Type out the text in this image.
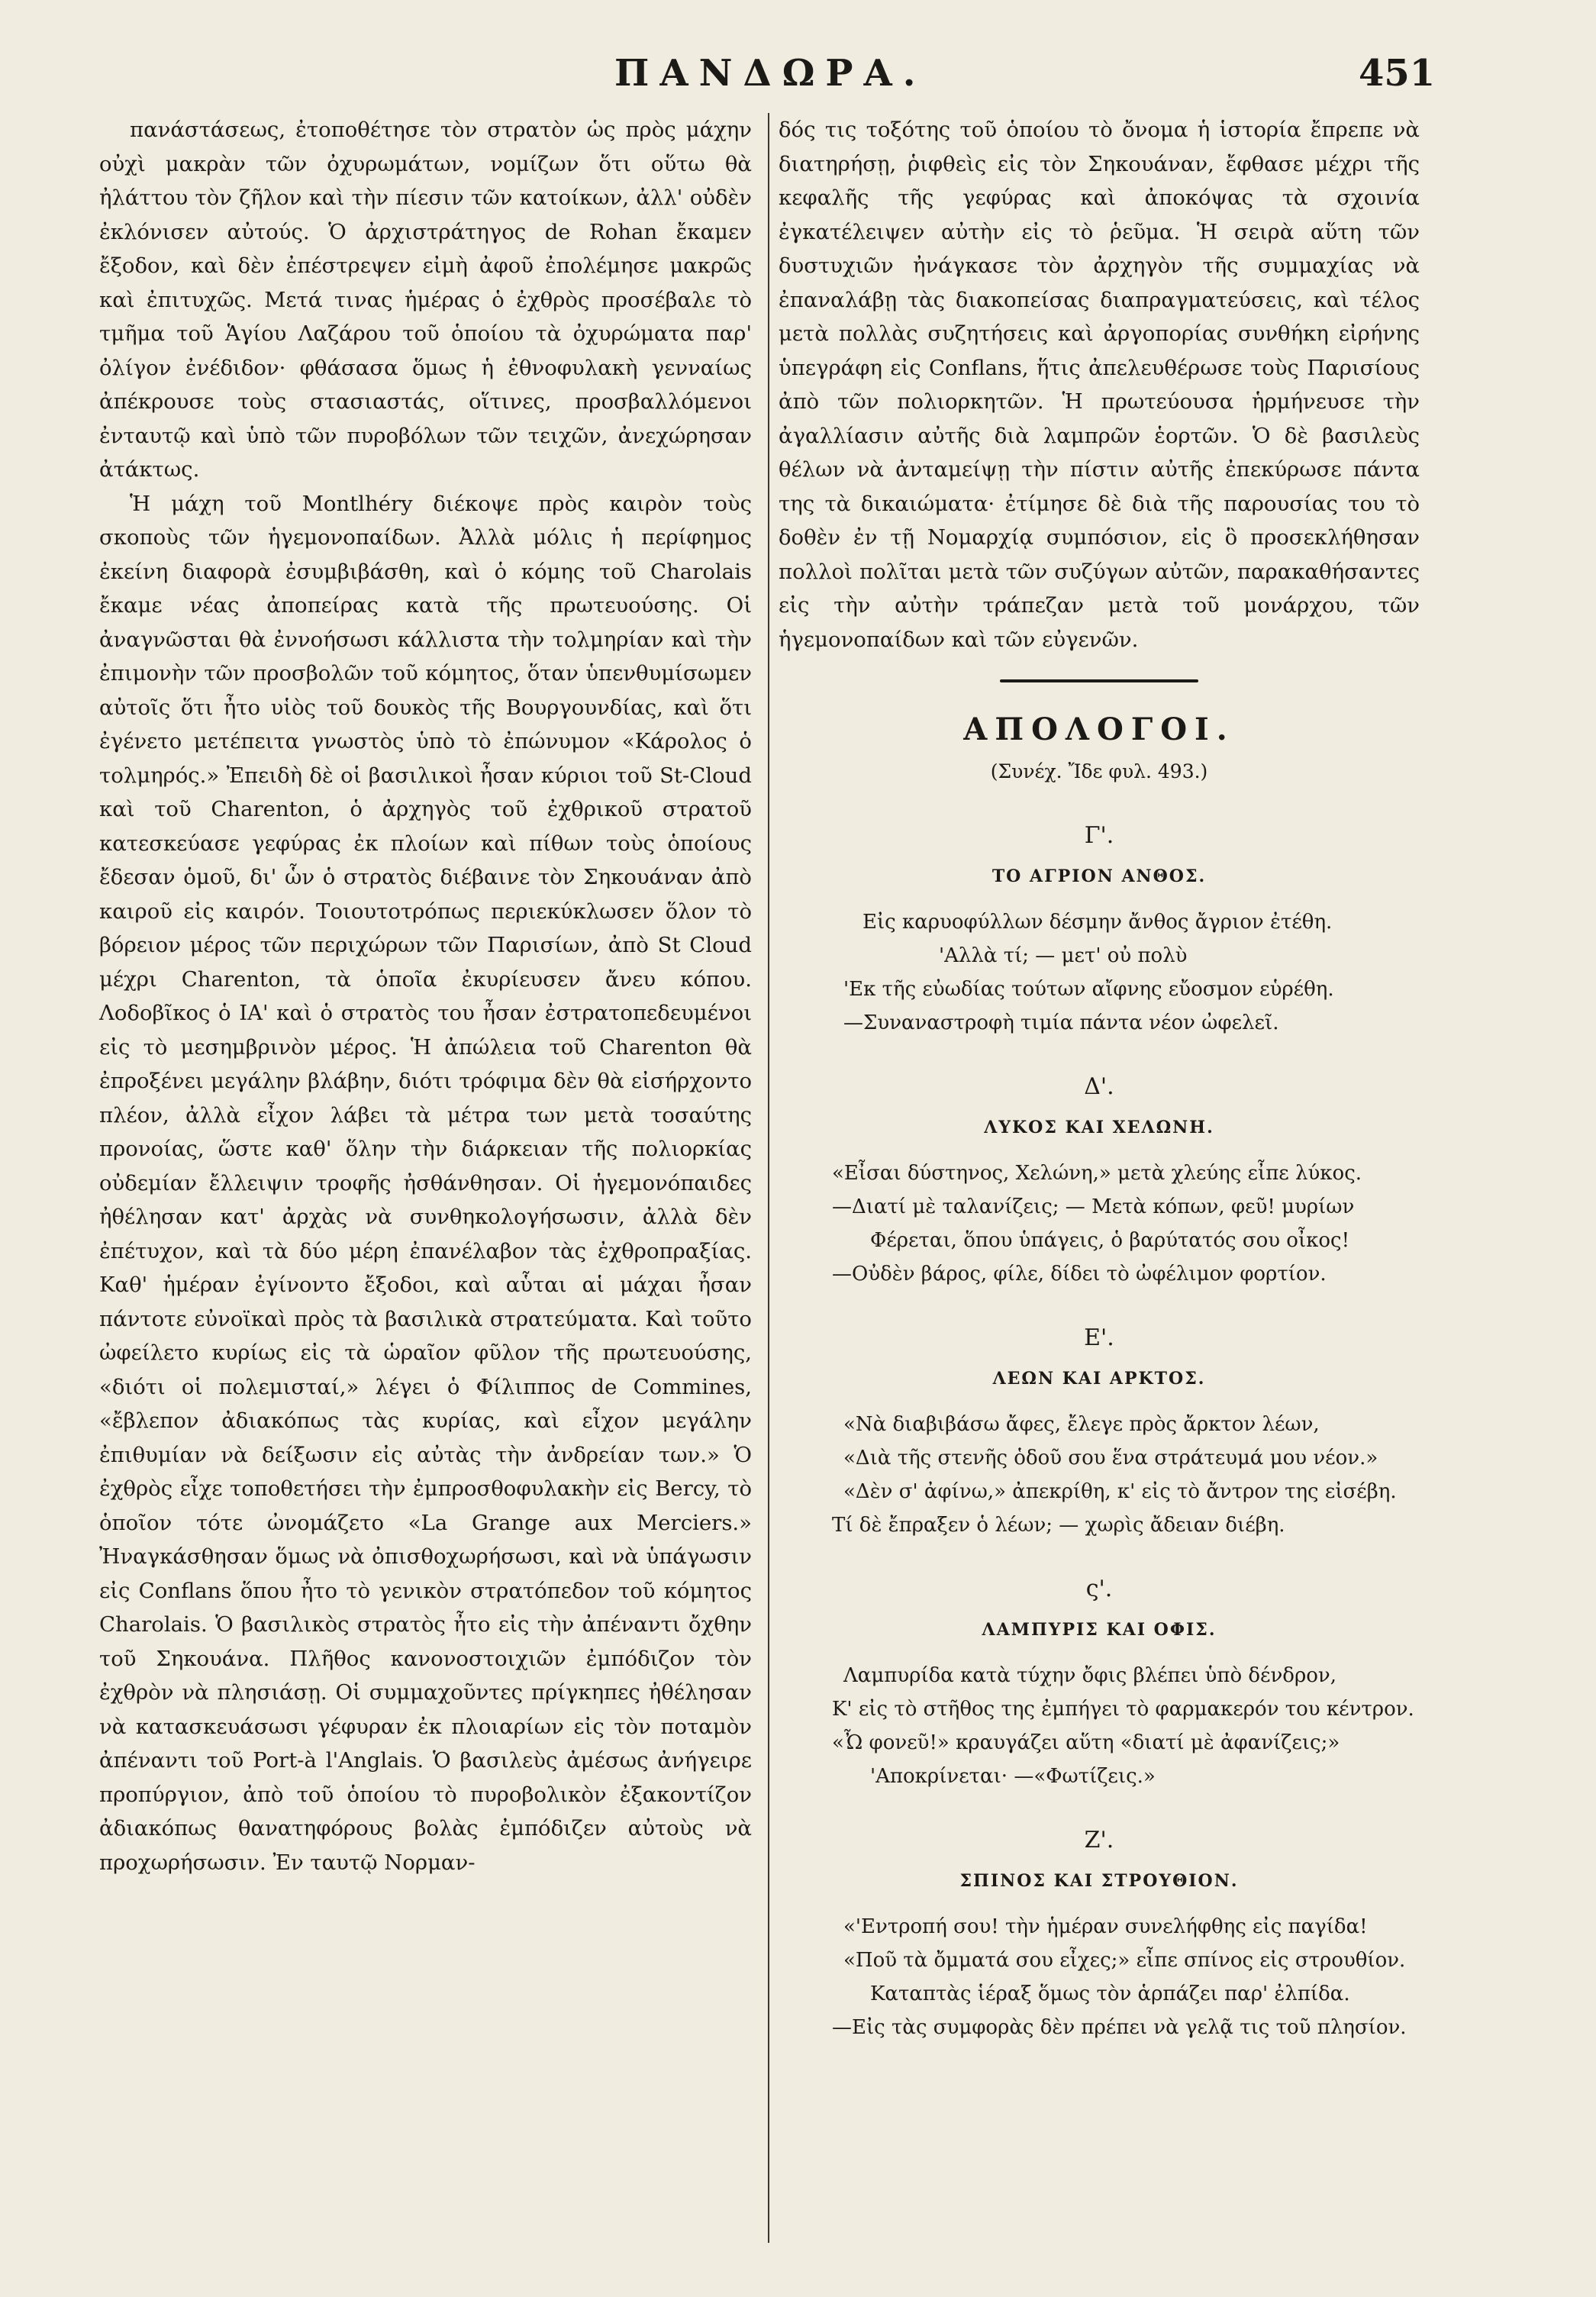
ΠΑΝΔΩΡΑ.	451

πανάστάσεως, ἐτοποθέτησε τὸν στρατὸν ὡς πρὸς μάχην οὐχὶ μακρὰν τῶν ὀχυρωμάτων, νομίζων ὅτι οὕτω θὰ ἠλάττου τὸν ζῆλον καὶ τὴν πίεσιν τῶν κατοίκων, ἀλλ' οὐδὲν ἐκλόνισεν αὐτούς. Ὁ ἀρχιστράτηγος de Rohan ἔκαμεν ἔξοδον, καὶ δὲν ἐπέστρεψεν εἰμὴ ἀφοῦ ἐπολέμησε μακρῶς καὶ ἐπιτυχῶς. Μετά τινας ἡμέρας ὁ ἐχθρὸς προσέβαλε τὸ τμῆμα τοῦ Ἁγίου Λαζάρου τοῦ ὁποίου τὰ ὀχυρώματα παρ' ὀλίγον ἐνέδιδον· φθάσασα ὅμως ἡ ἐθνοφυλακὴ γενναίως ἀπέκρουσε τοὺς στασιαστάς, οἵτινες, προσβαλλόμενοι ἐνταυτῷ καὶ ὑπὸ τῶν πυροβόλων τῶν τειχῶν, ἀνεχώρησαν ἀτάκτως.

Ἡ μάχη τοῦ Montlhéry διέκοψε πρὸς καιρὸν τοὺς σκοποὺς τῶν ἡγεμονοπαίδων. Ἀλλὰ μόλις ἡ περίφημος ἐκείνη διαφορὰ ἐσυμβιβάσθη, καὶ ὁ κόμης τοῦ Charolais ἔκαμε νέας ἀποπείρας κατὰ τῆς πρωτευούσης. Οἱ ἀναγνῶσται θὰ ἐννοήσωσι κάλλιστα τὴν τολμηρίαν καὶ τὴν ἐπιμονὴν τῶν προσβολῶν τοῦ κόμητος, ὅταν ὑπενθυμίσωμεν αὐτοῖς ὅτι ἦτο υἱὸς τοῦ δουκὸς τῆς Βουργουνδίας, καὶ ὅτι ἐγένετο μετέπειτα γνωστὸς ὑπὸ τὸ ἐπώνυμον «Κάρολος ὁ τολμηρός.» Ἐπειδὴ δὲ οἱ βασιλικοὶ ἦσαν κύριοι τοῦ St-Cloud καὶ τοῦ Charenton, ὁ ἀρχηγὸς τοῦ ἐχθρικοῦ στρατοῦ κατεσκεύασε γεφύρας ἐκ πλοίων καὶ πίθων τοὺς ὁποίους ἔδεσαν ὁμοῦ, δι' ὧν ὁ στρατὸς διέβαινε τὸν Σηκουάναν ἀπὸ καιροῦ εἰς καιρόν. Τοιουτοτρόπως περιεκύκλωσεν ὅλον τὸ βόρειον μέρος τῶν περιχώρων τῶν Παρισίων, ἀπὸ St Cloud μέχρι Charenton, τὰ ὁποῖα ἐκυρίευσεν ἄνευ κόπου. Λοδοβῖκος ὁ ΙΑ' καὶ ὁ στρατὸς του ἦσαν ἐστρατοπεδευμένοι εἰς τὸ μεσημβρινὸν μέρος. Ἡ ἀπώλεια τοῦ Charenton θὰ ἐπροξένει μεγάλην βλάβην, διότι τρόφιμα δὲν θὰ εἰσήρχοντο πλέον, ἀλλὰ εἶχον λάβει τὰ μέτρα των μετὰ τοσαύτης προνοίας, ὥστε καθ' ὅλην τὴν διάρκειαν τῆς πολιορκίας οὐδεμίαν ἔλλειψιν τροφῆς ἠσθάνθησαν. Οἱ ἡγεμονόπαιδες ἠθέλησαν κατ' ἀρχὰς νὰ συνθηκολογήσωσιν, ἀλλὰ δὲν ἐπέτυχον, καὶ τὰ δύο μέρη ἐπανέλαβον τὰς ἐχθροπραξίας. Καθ' ἡμέραν ἐγίνοντο ἔξοδοι, καὶ αὗται αἱ μάχαι ἦσαν πάντοτε εὐνοϊκαὶ πρὸς τὰ βασιλικὰ στρατεύματα. Καὶ τοῦτο ὠφείλετο κυρίως εἰς τὰ ὡραῖον φῦλον τῆς πρωτευούσης, «διότι οἱ πολεμισταί,» λέγει ὁ Φίλιππος de Commines, «ἔβλεπον ἀδιακόπως τὰς κυρίας, καὶ εἶχον μεγάλην ἐπιθυμίαν νὰ δείξωσιν εἰς αὐτὰς τὴν ἀνδρείαν των.» Ὁ ἐχθρὸς εἶχε τοποθετήσει τὴν ἐμπροσθοφυλακὴν εἰς Bercy, τὸ ὁποῖον τότε ὠνομάζετο «La Grange aux Merciers.» Ἠναγκάσθησαν ὅμως νὰ ὀπισθοχωρήσωσι, καὶ νὰ ὑπάγωσιν εἰς Conflans ὅπου ἦτο τὸ γενικὸν στρατόπεδον τοῦ κόμητος Charolais. Ὁ βασιλικὸς στρατὸς ἦτο εἰς τὴν ἀπέναντι ὄχθην τοῦ Σηκουάνα. Πλῆθος κανονοστοιχιῶν ἐμπόδιζον τὸν ἐχθρὸν νὰ πλησιάσῃ. Οἱ συμμαχοῦντες πρίγκηπες ἠθέλησαν νὰ κατασκευάσωσι γέφυραν ἐκ πλοιαρίων εἰς τὸν ποταμὸν ἀπέναντι τοῦ Port-à l'Anglais. Ὁ βασιλεὺς ἀμέσως ἀνήγειρε προπύργιον, ἀπὸ τοῦ ὁποίου τὸ πυροβολικὸν ἐξακοντίζον ἀδιακόπως θανατηφόρους βολὰς ἐμπόδιζεν αὐτοὺς νὰ προχωρήσωσιν. Ἐν ταυτῷ Νορμαν-

δός τις τοξότης τοῦ ὁποίου τὸ ὄνομα ἡ ἱστορία ἔπρεπε νὰ διατηρήσῃ, ῥιφθεὶς εἰς τὸν Σηκουάναν, ἔφθασε μέχρι τῆς κεφαλῆς τῆς γεφύρας καὶ ἀποκόψας τὰ σχοινία ἐγκατέλειψεν αὐτὴν εἰς τὸ ῥεῦμα. Ἡ σειρὰ αὕτη τῶν δυστυχιῶν ἠνάγκασε τὸν ἀρχηγὸν τῆς συμμαχίας νὰ ἐπαναλάβῃ τὰς διακοπείσας διαπραγματεύσεις, καὶ τέλος μετὰ πολλὰς συζητήσεις καὶ ἀργοπορίας συνθήκη εἰρήνης ὑπεγράφη εἰς Conflans, ἥτις ἀπελευθέρωσε τοὺς Παρισίους ἀπὸ τῶν πολιορκητῶν. Ἡ πρωτεύουσα ἡρμήνευσε τὴν ἀγαλλίασιν αὐτῆς διὰ λαμπρῶν ἑορτῶν. Ὁ δὲ βασιλεὺς θέλων νὰ ἀνταμείψῃ τὴν πίστιν αὐτῆς ἐπεκύρωσε πάντα της τὰ δικαιώματα· ἐτίμησε δὲ διὰ τῆς παρουσίας του τὸ δοθὲν ἐν τῇ Νομαρχίᾳ συμπόσιον, εἰς ὃ προσεκλήθησαν πολλοὶ πολῖται μετὰ τῶν συζύγων αὐτῶν, παρακαθήσαντες εἰς τὴν αὐτὴν τράπεζαν μετὰ τοῦ μονάρχου, τῶν ἡγεμονοπαίδων καὶ τῶν εὐγενῶν.

ΑΠΟΛΟΓΟΙ.
(Συνέχ. Ἴδε φυλ. 493.)
Γ'.
ΤΟ ΑΓΡΙΟΝ ΑΝΘΟΣ.

Εἰς καρυοφύλλων δέσμην ἄνθος ἄγριον ἐτέθη.

'Αλλὰ τί; — μετ' οὐ πολὺ

'Εκ τῆς εὐωδίας τούτων αἴφνης εὔοσμον εὑρέθη.

—Συναναστροφὴ τιμία πάντα νέον ὠφελεῖ.

Δ'.
ΛΥΚΟΣ ΚΑΙ ΧΕΛΩΝΗ.

«Εἶσαι δύστηνος, Χελώνη,» μετὰ χλεύης εἶπε λύκος.

—Διατί μὲ ταλανίζεις; — Μετὰ κόπων, φεῦ! μυρίων

Φέρεται, ὅπου ὑπάγεις, ὁ βαρύτατός σου οἶκος!

—Οὐδὲν βάρος, φίλε, δίδει τὸ ὠφέλιμον φορτίον.

Ε'.
ΛΕΩΝ ΚΑΙ ΑΡΚΤΟΣ.

«Νὰ διαβιβάσω ἄφες, ἔλεγε πρὸς ἄρκτον λέων,

«Διὰ τῆς στενῆς ὁδοῦ σου ἕνα στράτευμά μου νέον.»

«Δὲν σ' ἀφίνω,» ἀπεκρίθη, κ' εἰς τὸ ἄντρον της εἰσέβη.

Τί δὲ ἔπραξεν ὁ λέων; — χωρὶς ἄδειαν διέβη.

ς'.
ΛΑΜΠΥΡΙΣ ΚΑΙ ΟΦΙΣ.

Λαμπυρίδα κατὰ τύχην ὄφις βλέπει ὑπὸ δένδρον,

Κ' εἰς τὸ στῆθος της ἐμπήγει τὸ φαρμακερόν του κέντρον.

«Ὦ φονεῦ!» κραυγάζει αὕτη «διατί μὲ ἀφανίζεις;»

'Αποκρίνεται· —«Φωτίζεις.»

Ζ'.
ΣΠΙΝΟΣ ΚΑΙ ΣΤΡΟΥΘΙΟΝ.

«'Εντροπή σου! τὴν ἡμέραν συνελήφθης εἰς παγίδα!

«Ποῦ τὰ ὄμματά σου εἶχες;» εἶπε σπίνος εἰς στρουθίον.

Καταπτὰς ἱέραξ ὅμως τὸν ἁρπάζει παρ' ἐλπίδα.

—Εἰς τὰς συμφορὰς δὲν πρέπει νὰ γελᾷ τις τοῦ πλησίον.
